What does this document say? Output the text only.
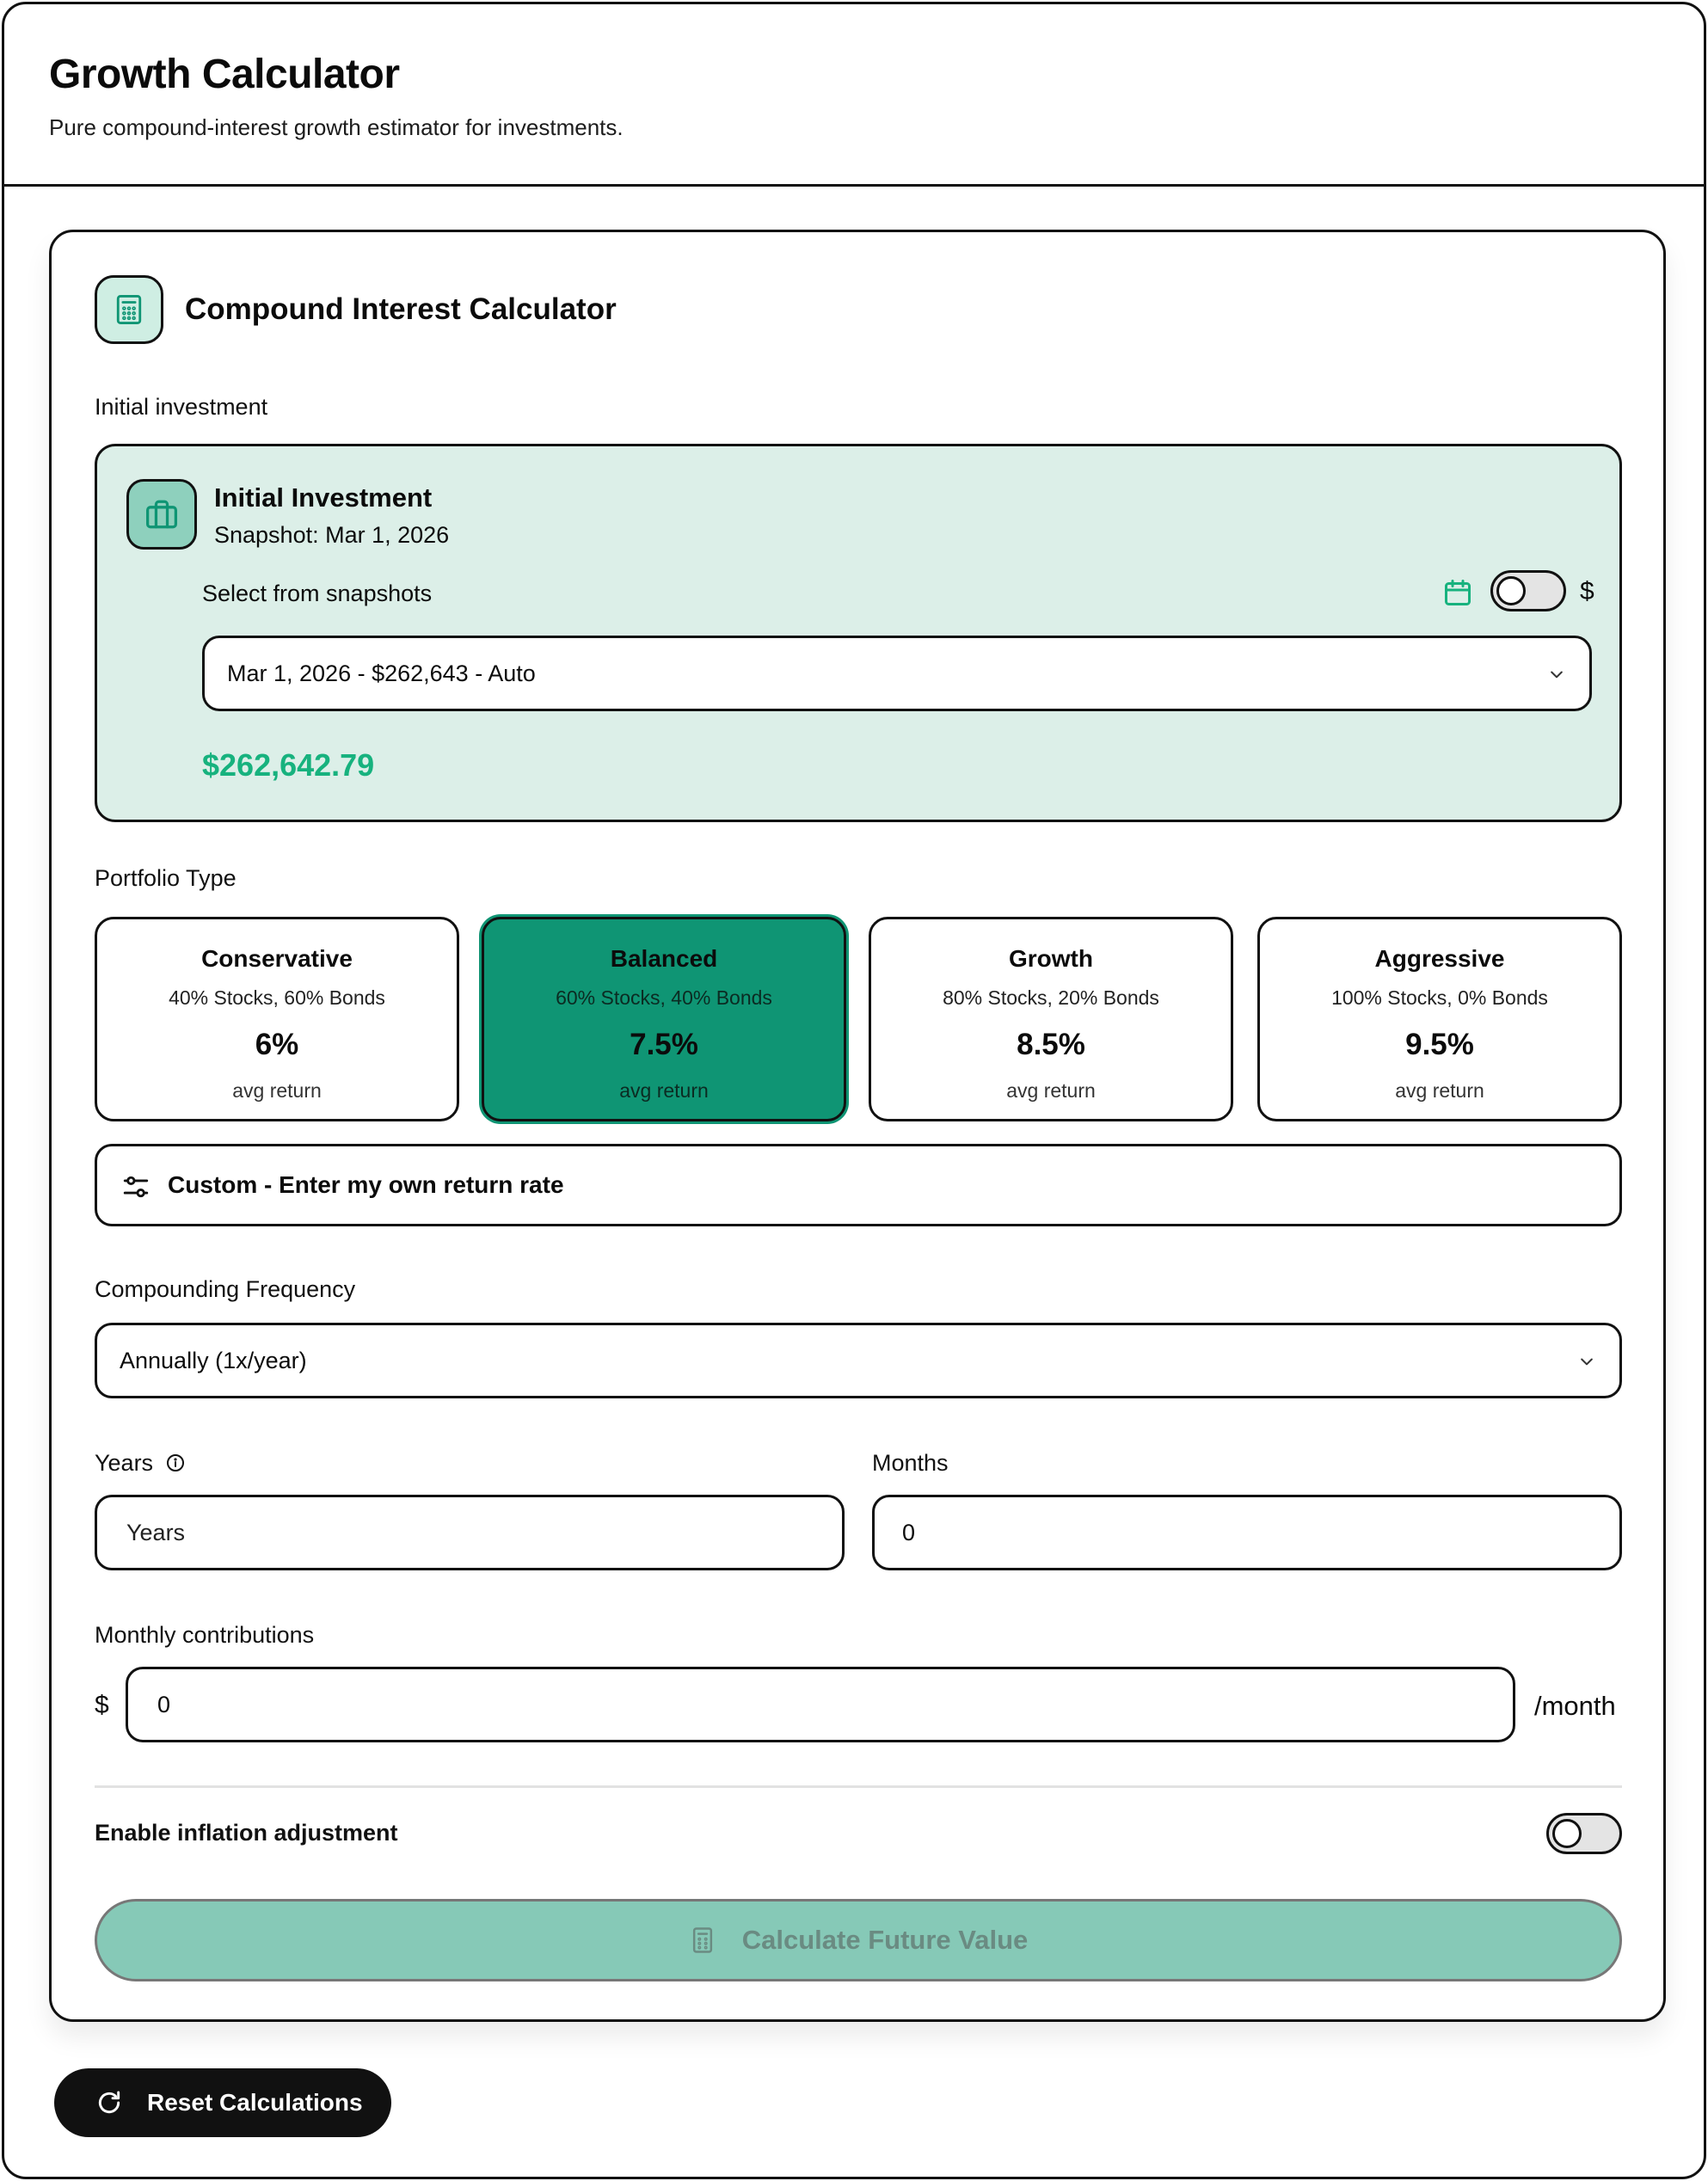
Growth Calculator
Pure compound-interest growth estimator for investments.
Compound Interest Calculator
Initial investment
Initial Investment
Snapshot: Mar 1, 2026
Select from snapshots	$
Mar 1, 2026 - $262,643 - Auto
$262,642.79
Portfolio Type
Conservative
40% Stocks, 60% Bonds
6%
avg return
Balanced
60% Stocks, 40% Bonds
7.5%
avg return
Growth
80% Stocks, 20% Bonds
8.5%
avg return
Aggressive
100% Stocks, 0% Bonds
9.5%
avg return
Custom - Enter my own return rate
Compounding Frequency
Annually (1x/year)
Years	Months
Years	0
Monthly contributions
$ 0	/month
Enable inflation adjustment
Calculate Future Value
Reset Calculations
